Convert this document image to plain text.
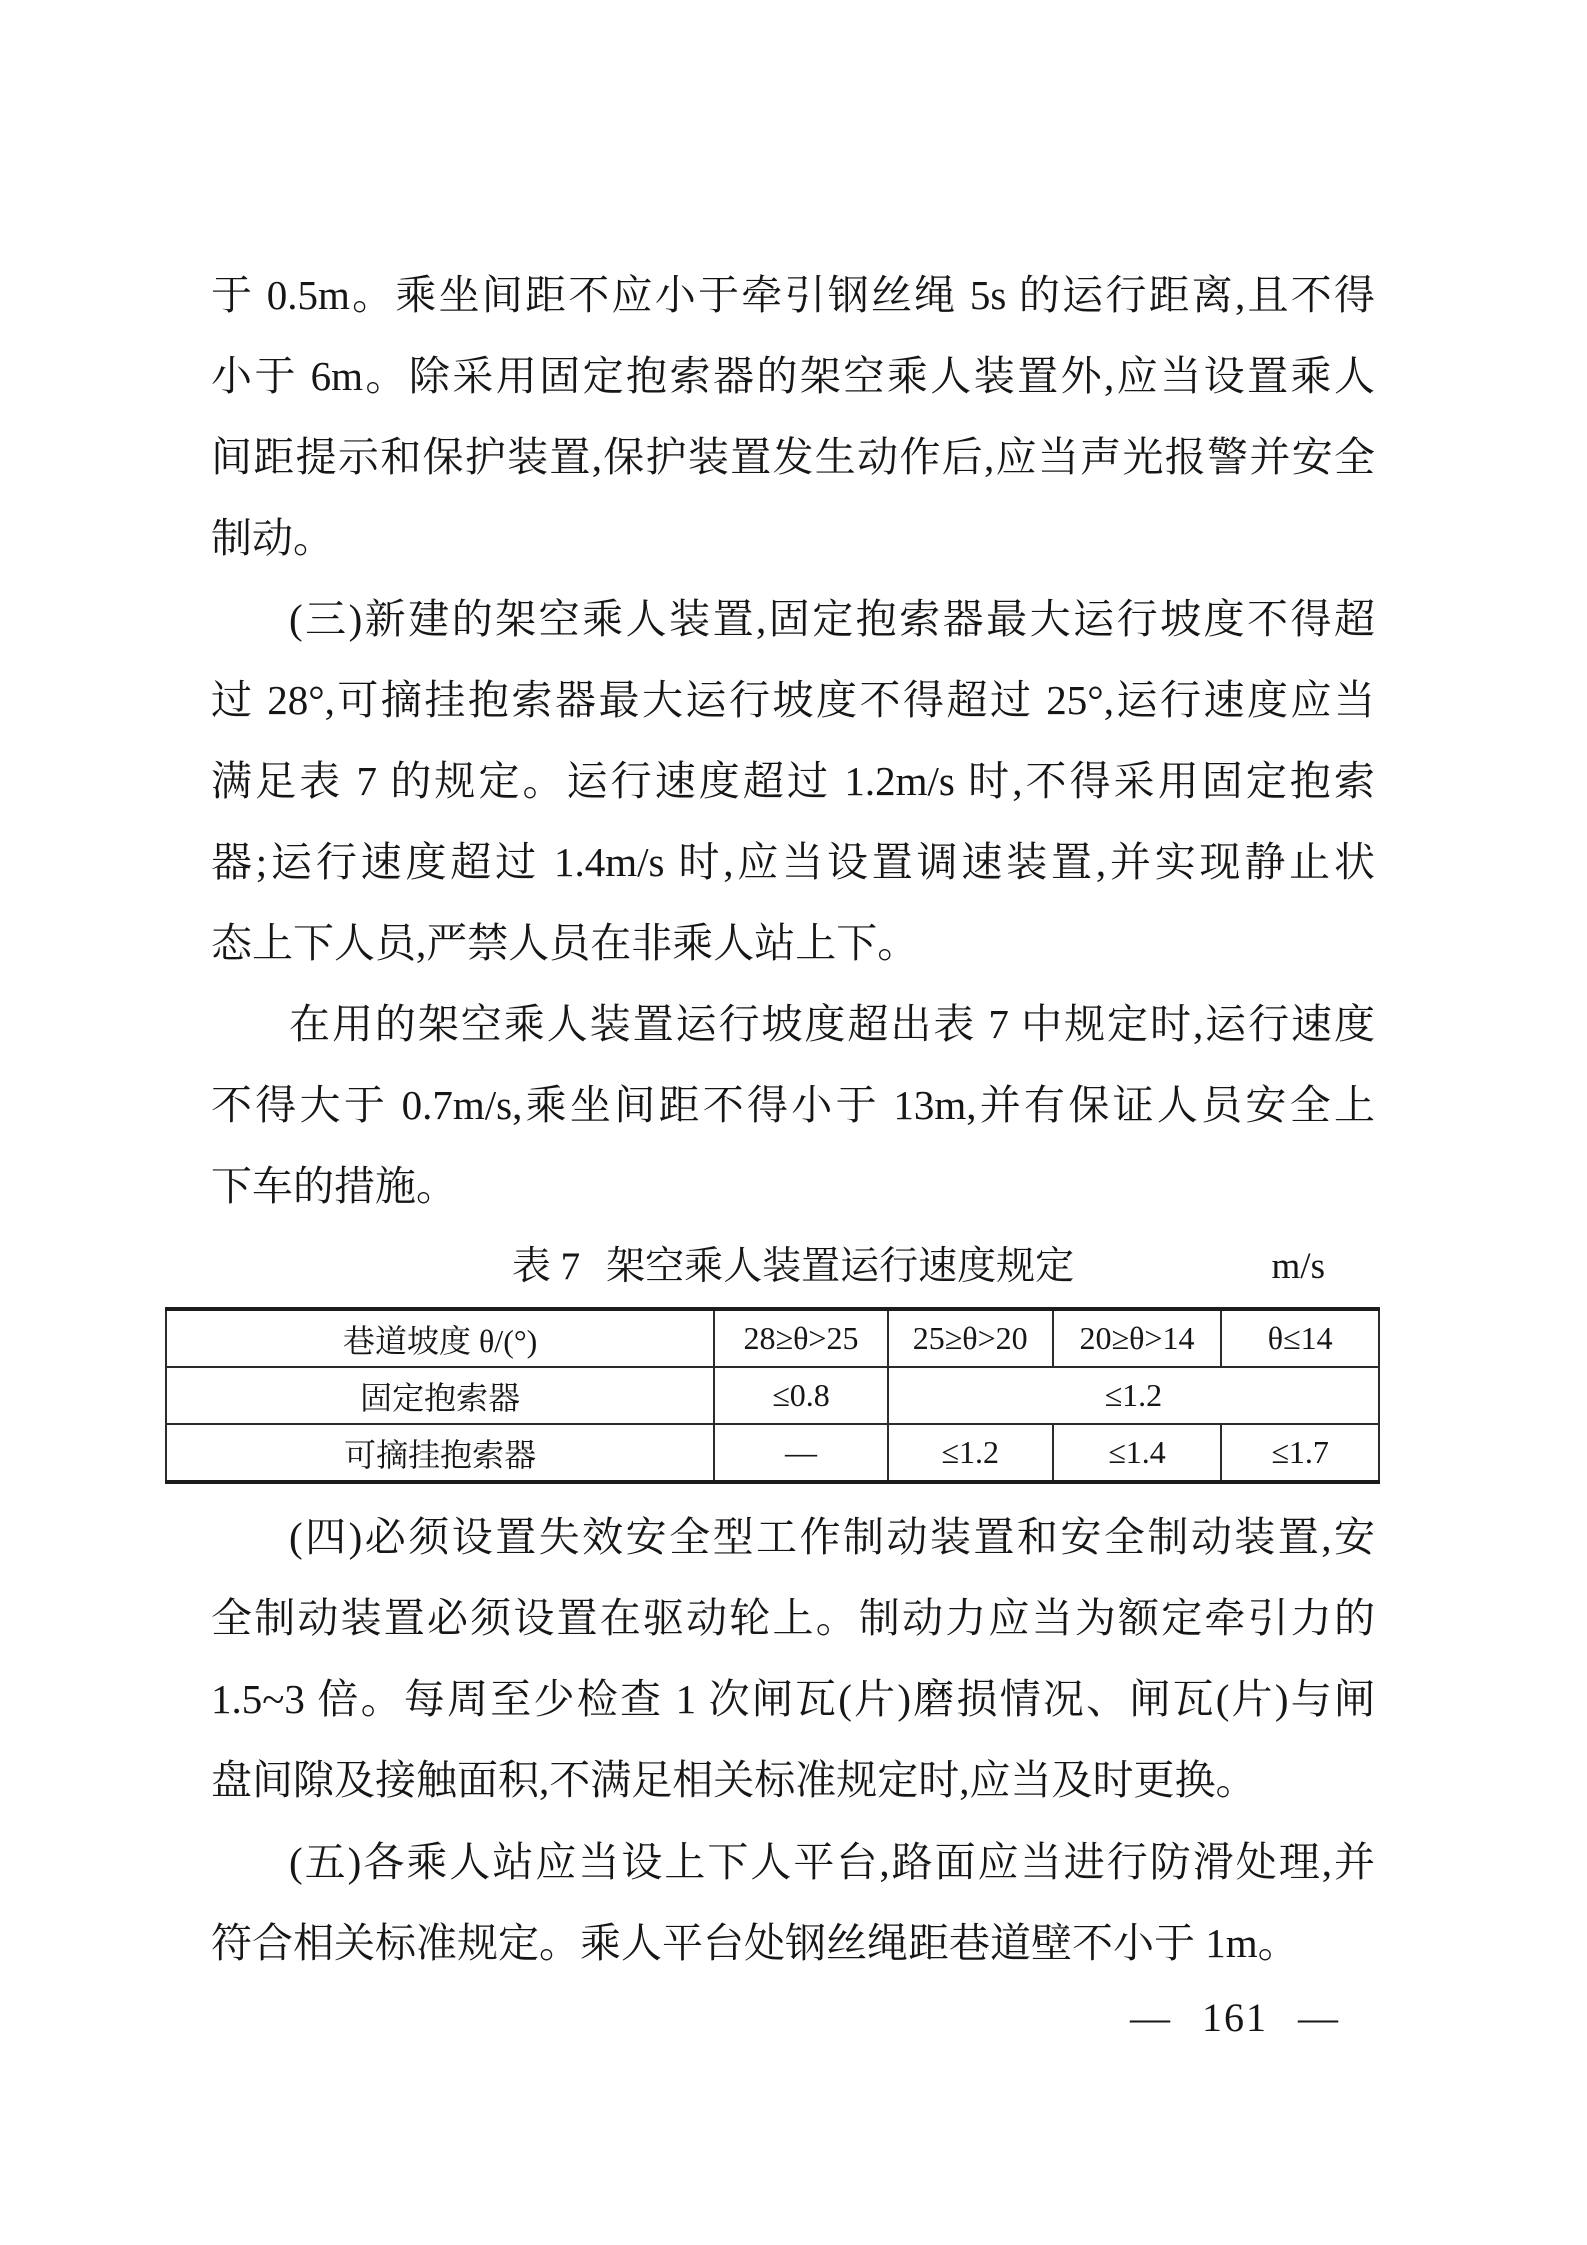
于 0.5m。乘坐间距不应小于牵引钢丝绳 5s 的运行距离,且不得
小于 6m。除采用固定抱索器的架空乘人装置外,应当设置乘人
间距提示和保护装置,保护装置发生动作后,应当声光报警并安全
制动。
(三)新建的架空乘人装置,固定抱索器最大运行坡度不得超
过 28°,可摘挂抱索器最大运行坡度不得超过 25°,运行速度应当
满足表 7 的规定。运行速度超过 1.2m/s 时,不得采用固定抱索
器;运行速度超过 1.4m/s 时,应当设置调速装置,并实现静止状
态上下人员,严禁人员在非乘人站上下。
在用的架空乘人装置运行坡度超出表 7 中规定时,运行速度
不得大于 0.7m/s,乘坐间距不得小于 13m,并有保证人员安全上
下车的措施。
表 7 架空乘人装置运行速度规定	m/s
巷道坡度 θ/(°)	28≥θ>25	25≥θ>20	20≥θ>14	θ≤14
固定抱索器	≤0.8	≤1.2		
可摘挂抱索器	—	≤1.2	≤1.4	≤1.7
(四)必须设置失效安全型工作制动装置和安全制动装置,安
全制动装置必须设置在驱动轮上。制动力应当为额定牵引力的
1.5~3 倍。每周至少检查 1 次闸瓦(片)磨损情况、闸瓦(片)与闸
盘间隙及接触面积,不满足相关标准规定时,应当及时更换。
(五)各乘人站应当设上下人平台,路面应当进行防滑处理,并
符合相关标准规定。乘人平台处钢丝绳距巷道壁不小于 1m。
— 161 —
